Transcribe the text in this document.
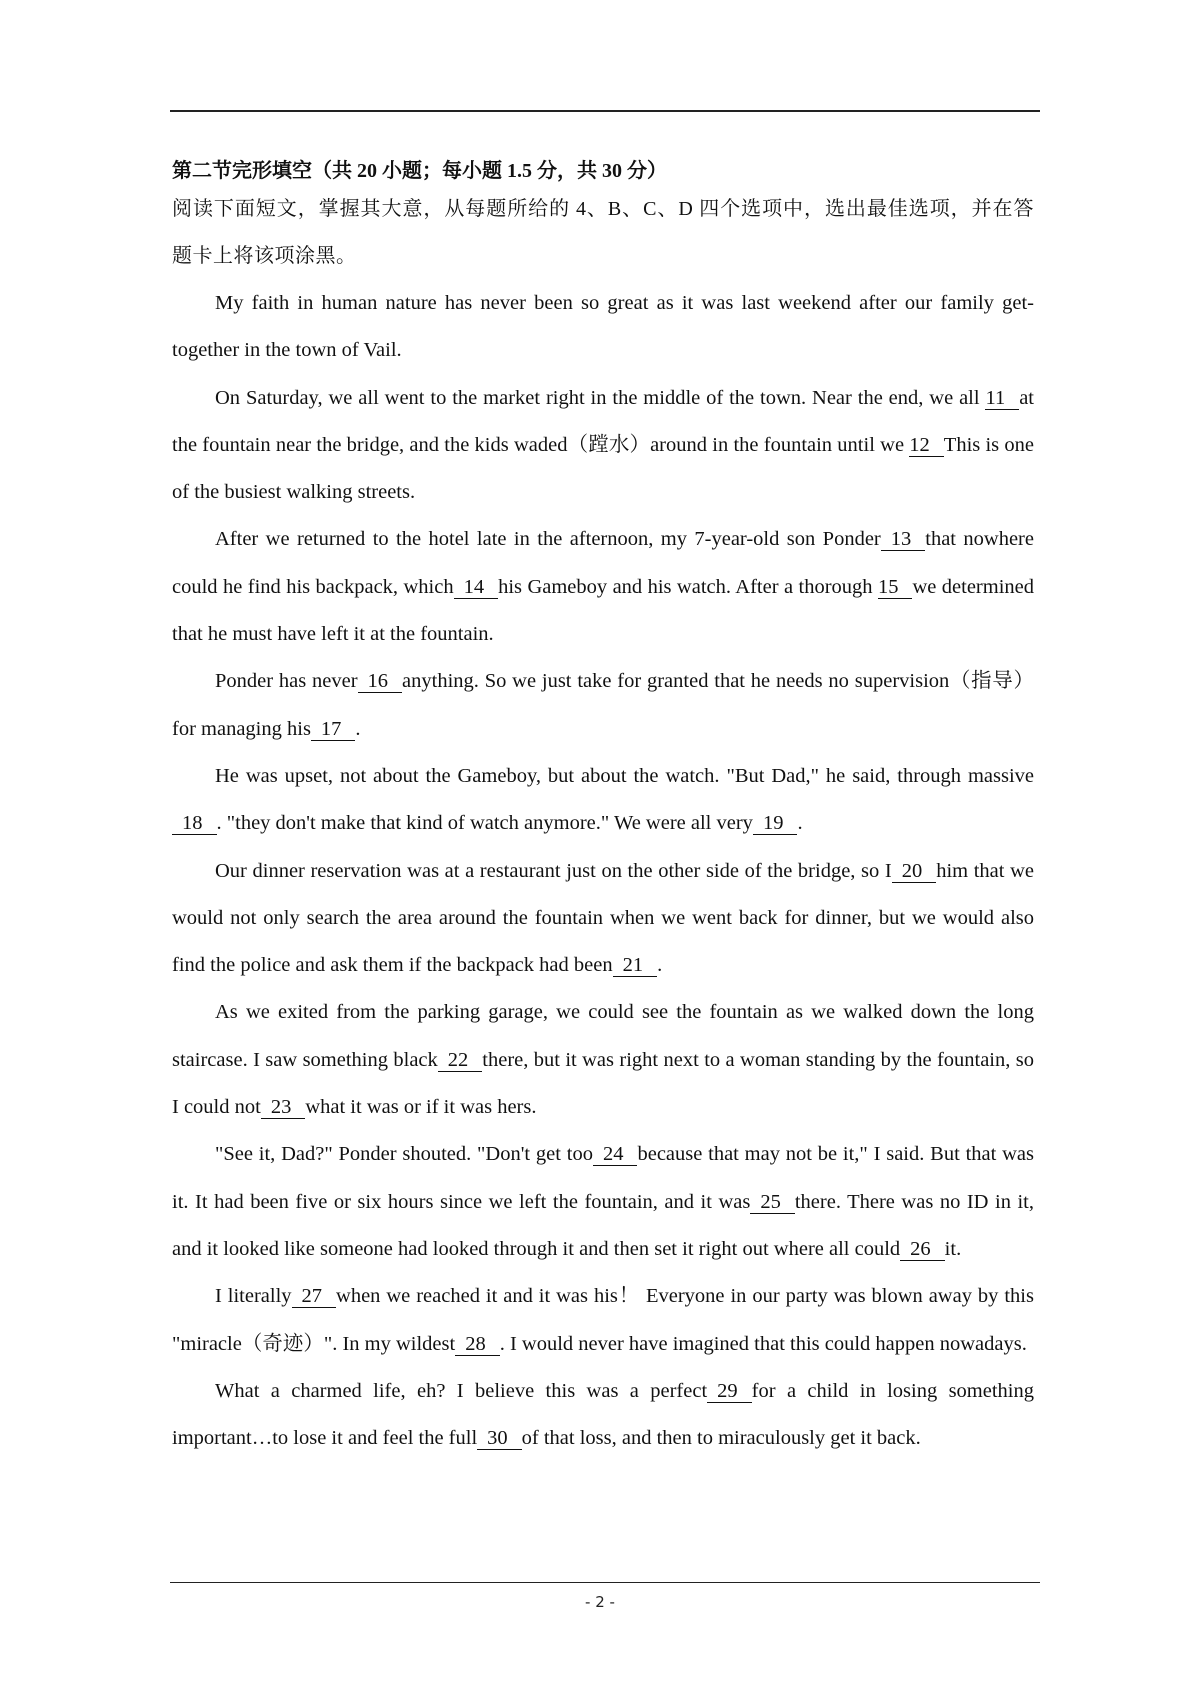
第二节完形填空（共 20 小题；每小题 1.5 分，共 30 分）

阅读下面短文，掌握其大意，从每题所给的 4、B、C、D 四个选项中，选出最佳选项，并在答题卡上将该项涂黑。

My faith in human nature has never been so great as it was last weekend after our family get-together in the town of Vail.

On Saturday, we all went to the market right in the middle of the town. Near the end, we all 11 at the fountain near the bridge, and the kids waded（蹚水）around in the fountain until we 12 This is one of the busiest walking streets.

After we returned to the hotel late in the afternoon, my 7-year-old son Ponder 13 that nowhere could he find his backpack, which 14 his Gameboy and his watch. After a thorough 15 we determined that he must have left it at the fountain.

Ponder has never 16 anything. So we just take for granted that he needs no supervision（指导）for managing his 17 .

He was upset, not about the Gameboy, but about the watch. "But Dad," he said, through massive18 . "they don't make that kind of watch anymore." We were all very 19 .

Our dinner reservation was at a restaurant just on the other side of the bridge, so I 20 him that we would not only search the area around the fountain when we went back for dinner, but we would also find the police and ask them if the backpack had been 21 .

As we exited from the parking garage, we could see the fountain as we walked down the long staircase. I saw something black 22 there, but it was right next to a woman standing by the fountain, so I could not 23 what it was or if it was hers.

"See it, Dad?" Ponder shouted. "Don't get too 24 because that may not be it," I said. But that was it. It had been five or six hours since we left the fountain, and it was 25 there. There was no ID in it, and it looked like someone had looked through it and then set it right out where all could 26 it.

I literally 27 when we reached it and it was his！ Everyone in our party was blown away by this "miracle（奇迹）". In my wildest 28 . I would never have imagined that this could happen nowadays.

What a charmed life, eh? I believe this was a perfect 29 for a child in losing something important…to lose it and feel the full 30 of that loss, and then to miraculously get it back.

- 2 -
